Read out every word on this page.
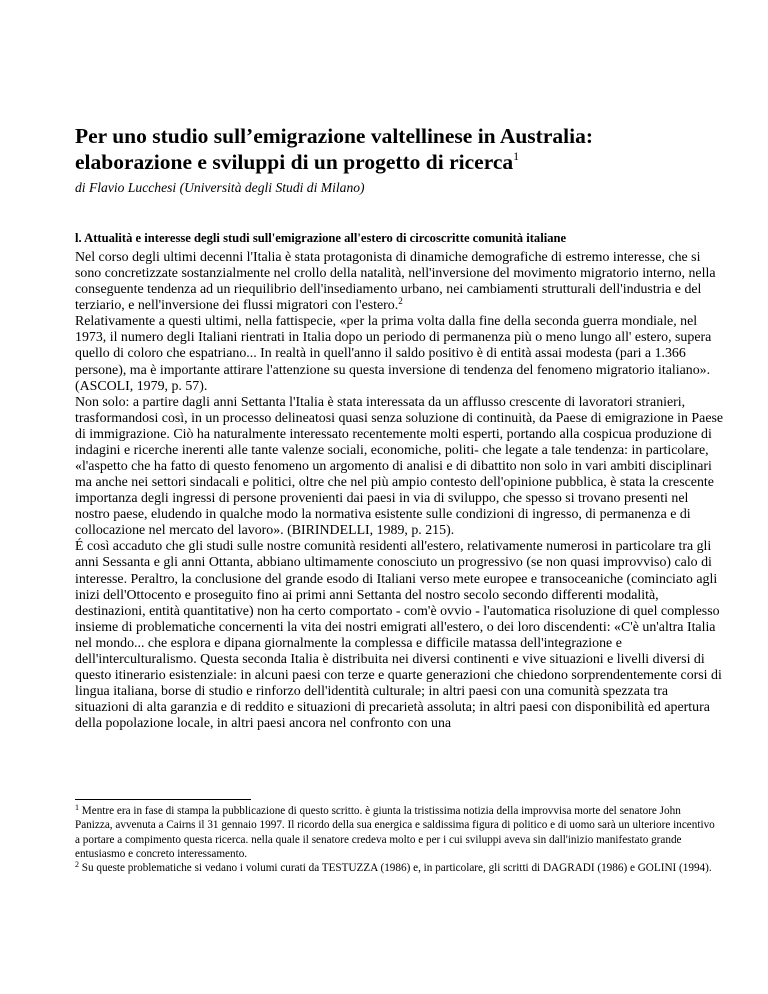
Per uno studio sull’emigrazione valtellinese in Australia: elaborazione e sviluppi di un progetto di ricerca$^1$

di Flavio Lucchesi (Università degli Studi di Milano)

l. Attualità e interesse degli studi sull'emigrazione all'estero di circoscritte comunità italiane

Nel corso degli ultimi decenni l'Italia è stata protagonista di dinamiche demografiche di estremo interesse, che si sono concretizzate sostanzialmente nel crollo della natalità, nell'inversione del movimento migratorio interno, nella conseguente tendenza ad un riequilibrio dell'insediamento urbano, nei cambiamenti strutturali dell'industria e del terziario, e nell'inversione dei flussi migratori con l'estero.$^2$

Relativamente a questi ultimi, nella fattispecie, «per la prima volta dalla fine della seconda guerra mondiale, nel 1973, il numero degli Italiani rientrati in Italia dopo un periodo di permanenza più o meno lungo all' estero, supera quello di coloro che espatriano... In realtà in quell'anno il saldo positivo è di entità assai modesta (pari a 1.366 persone), ma è importante attirare l'attenzione su questa inversione di tendenza del fenomeno migratorio italiano». (ASCOLI, 1979, p. 57).

Non solo: a partire dagli anni Settanta l'Italia è stata interessata da un afflusso crescente di lavoratori stranieri, trasformandosi così, in un processo delineatosi quasi senza soluzione di continuità, da Paese di emigrazione in Paese di immigrazione. Ciò ha naturalmente interessato recentemente molti esperti, portando alla cospicua produzione di indagini e ricerche inerenti alle tante valenze sociali, economiche, politi- che legate a tale tendenza: in particolare, «l'aspetto che ha fatto di questo fenomeno un argomento di analisi e di dibattito non solo in vari ambiti disciplinari ma anche nei settori sindacali e politici, oltre che nel più ampio contesto dell'opinione pubblica, è stata la crescente importanza degli ingressi di persone provenienti dai paesi in via di sviluppo, che spesso si trovano presenti nel nostro paese, eludendo in qualche modo la normativa esistente sulle condizioni di ingresso, di permanenza e di collocazione nel mercato del lavoro». (BIRINDELLI, 1989, p. 215).

É così accaduto che gli studi sulle nostre comunità residenti all'estero, relativamente numerosi in particolare tra gli anni Sessanta e gli anni Ottanta, abbiano ultimamente conosciuto un progressivo (se non quasi improvviso) calo di interesse. Peraltro, la conclusione del grande esodo di Italiani verso mete europee e transoceaniche (cominciato agli inizi dell'Ottocento e proseguito fino ai primi anni Settanta del nostro secolo secondo differenti modalità, destinazioni, entità quantitative) non ha certo comportato - com'è ovvio - l'automatica risoluzione di quel complesso insieme di problematiche concernenti la vita dei nostri emigrati all'estero, o dei loro discendenti: «C'è un'altra Italia nel mondo... che esplora e dipana giornalmente la complessa e difficile matassa dell'integrazione e dell'interculturalismo. Questa seconda Italia è distribuita nei diversi continenti e vive situazioni e livelli diversi di questo itinerario esistenziale: in alcuni paesi con terze e quarte generazioni che chiedono sorprendentemente corsi di lingua italiana, borse di studio e rinforzo dell'identità culturale; in altri paesi con una comunità spezzata tra situazioni di alta garanzia e di reddito e situazioni di precarietà assoluta; in altri paesi con disponibilità ed apertura della popolazione locale, in altri paesi ancora nel confronto con una

$^1$ Mentre era in fase di stampa la pubblicazione di questo scritto. è giunta la tristissima notizia della improvvisa morte del senatore John Panizza, avvenuta a Cairns il 31 gennaio 1997. Il ricordo della sua energica e saldissima figura di politico e di uomo sarà un ulteriore incentivo a portare a compimento questa ricerca. nella quale il senatore credeva molto e per i cui sviluppi aveva sin dall'inizio manifestato grande entusiasmo e concreto interessamento.

$^2$ Su queste problematiche si vedano i volumi curati da TESTUZZA (1986) e, in particolare, gli scritti di DAGRADI (1986) e GOLINI (1994).
